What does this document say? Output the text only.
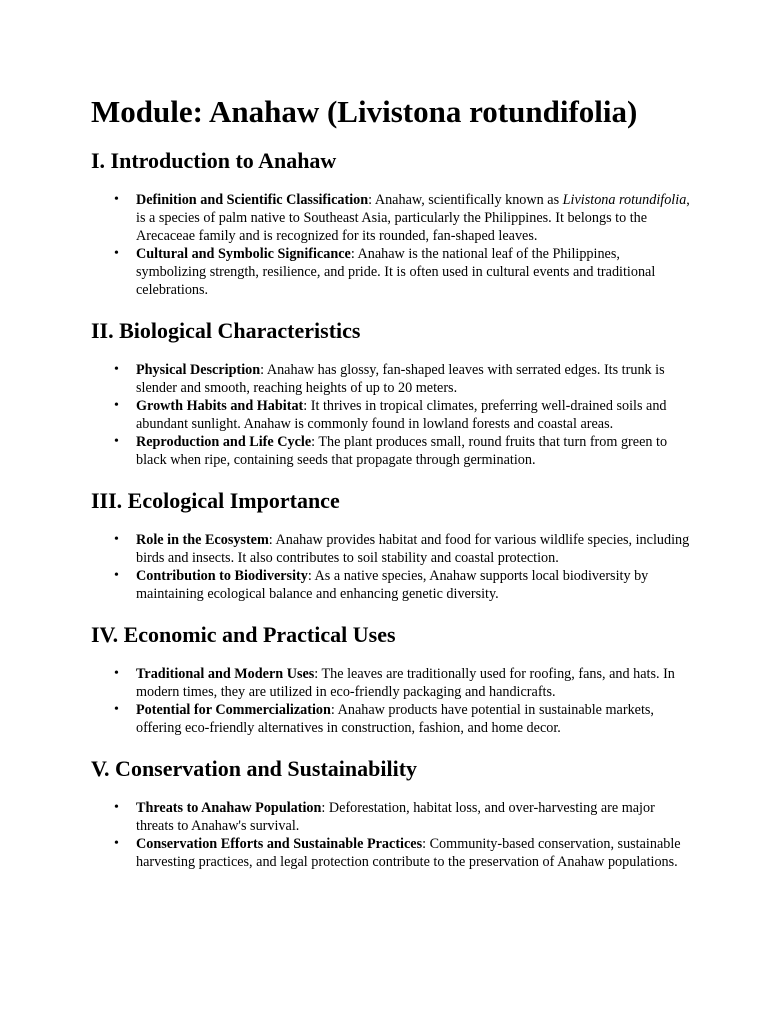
Module: Anahaw (Livistona rotundifolia)
I. Introduction to Anahaw
• Definition and Scientific Classification: Anahaw, scientifically known as Livistona rotundifolia, is a species of palm native to Southeast Asia, particularly the Philippines. It belongs to the Arecaceae family and is recognized for its rounded, fan-shaped leaves.
• Cultural and Symbolic Significance: Anahaw is the national leaf of the Philippines, symbolizing strength, resilience, and pride. It is often used in cultural events and traditional celebrations.
II. Biological Characteristics
• Physical Description: Anahaw has glossy, fan-shaped leaves with serrated edges. Its trunk is slender and smooth, reaching heights of up to 20 meters.
• Growth Habits and Habitat: It thrives in tropical climates, preferring well-drained soils and abundant sunlight. Anahaw is commonly found in lowland forests and coastal areas.
• Reproduction and Life Cycle: The plant produces small, round fruits that turn from green to black when ripe, containing seeds that propagate through germination.
III. Ecological Importance
• Role in the Ecosystem: Anahaw provides habitat and food for various wildlife species, including birds and insects. It also contributes to soil stability and coastal protection.
• Contribution to Biodiversity: As a native species, Anahaw supports local biodiversity by maintaining ecological balance and enhancing genetic diversity.
IV. Economic and Practical Uses
• Traditional and Modern Uses: The leaves are traditionally used for roofing, fans, and hats. In modern times, they are utilized in eco-friendly packaging and handicrafts.
• Potential for Commercialization: Anahaw products have potential in sustainable markets, offering eco-friendly alternatives in construction, fashion, and home decor.
V. Conservation and Sustainability
• Threats to Anahaw Population: Deforestation, habitat loss, and over-harvesting are major threats to Anahaw's survival.
• Conservation Efforts and Sustainable Practices: Community-based conservation, sustainable harvesting practices, and legal protection contribute to the preservation of Anahaw populations.
